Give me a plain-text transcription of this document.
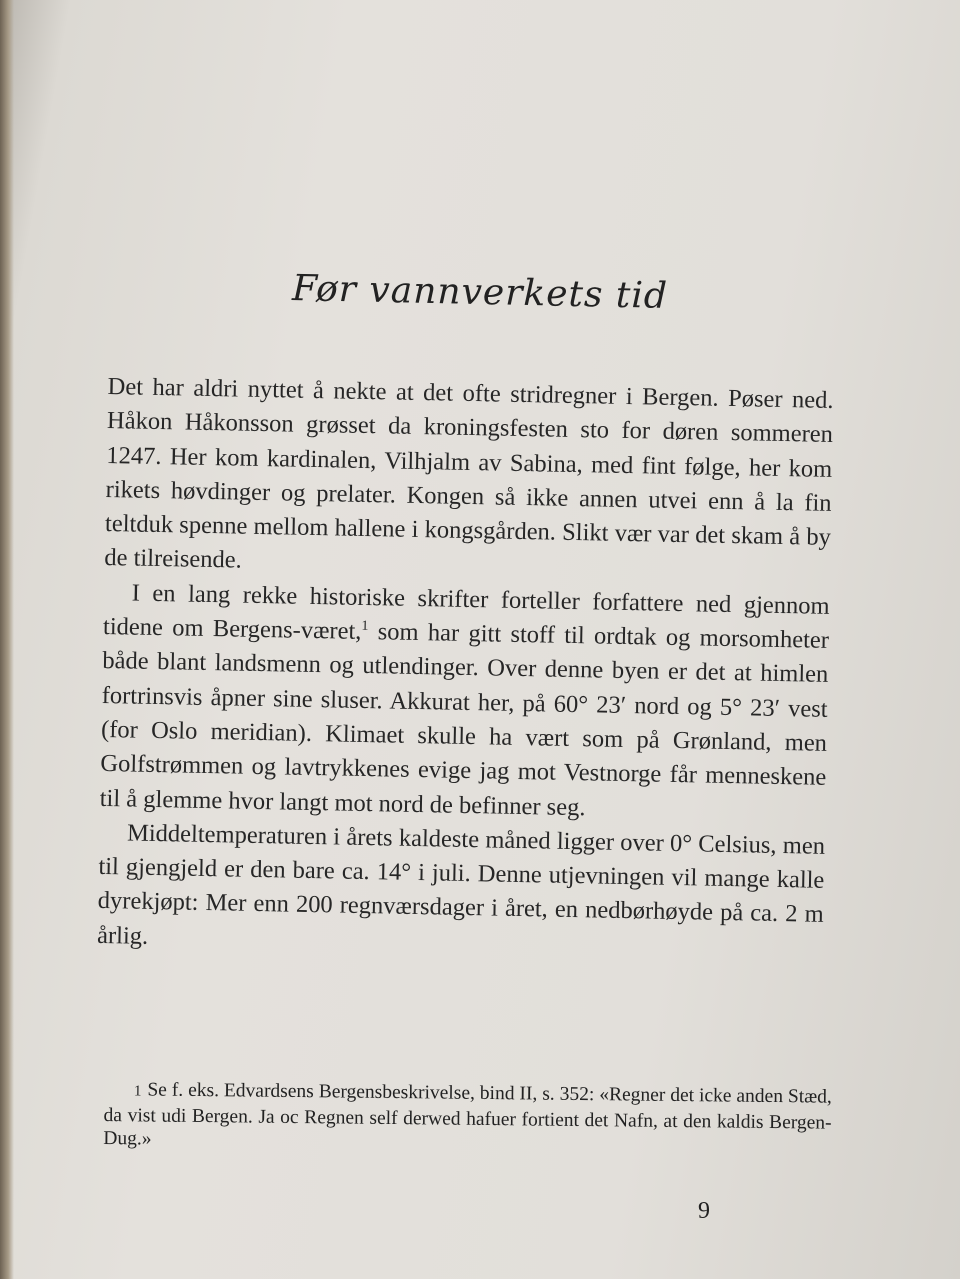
Før vannverkets tid

Det har aldri nyttet å nekte at det ofte stridregner i Bergen. Pøser ned. Håkon Håkonsson grøsset da kroningsfesten sto for døren sommeren 1247. Her kom kardinalen, Vilhjalm av Sabina, med fint følge, her kom rikets høvdinger og prelater. Kongen så ikke annen utvei enn å la fin teltduk spenne mellom hallene i kongsgården. Slikt vær var det skam å by de tilreisende.

I en lang rekke historiske skrifter forteller forfattere ned gjennom tidene om Bergens-været,$^1$ som har gitt stoff til ordtak og morsomheter både blant landsmenn og utlendinger. Over denne byen er det at himlen fortrinsvis åpner sine sluser. Akkurat her, på 60° 23′ nord og 5° 23′ vest (for Oslo meridian). Klimaet skulle ha vært som på Grønland, men Golfstrømmen og lavtrykkenes evige jag mot Vestnorge får menneskene til å glemme hvor langt mot nord de befinner seg.

Middeltemperaturen i årets kaldeste måned ligger over 0° Celsius, men til gjengjeld er den bare ca. 14° i juli. Denne utjevningen vil mange kalle dyrekjøpt: Mer enn 200 regnværsdager i året, en nedbørhøyde på ca. 2 m årlig.

1 Se f. eks. Edvardsens Bergensbeskrivelse, bind II, s. 352: «Regner det icke anden Stæd, da vist udi Bergen. Ja oc Regnen self derwed hafuer fortient det Nafn, at den kaldis Bergen-Dug.»
9
